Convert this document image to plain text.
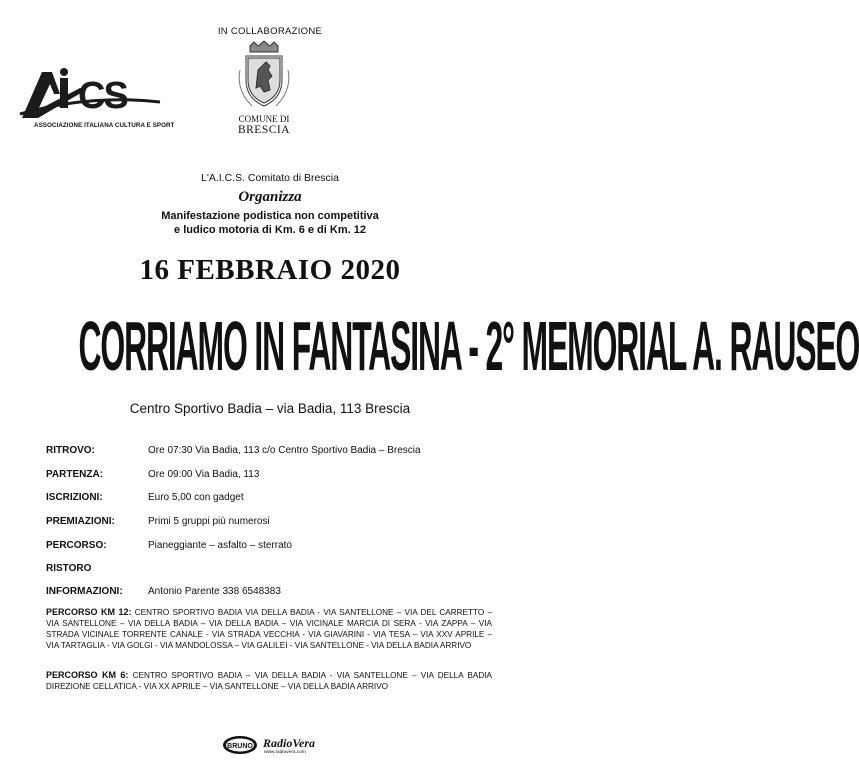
IN COLLABORAZIONE
CS
ASSOCIAZIONE ITALIANA CULTURA E SPORT
COMUNE DI
BRESCIA
L'A.I.C.S. Comitato di Brescia
Organizza
Manifestazione podistica non competitiva
e ludico motoria di Km. 6 e di Km. 12
16 FEBBRAIO 2020
CORRIAMO IN FANTASINA - 2° MEMORIAL A. RAUSEO
Centro Sportivo Badia – via Badia, 113 Brescia
RITROVO:	Ore 07:30 Via Badia, 113 c/o Centro Sportivo Badia – Brescia
PARTENZA:	Ore 09:00 Via Badia, 113
ISCRIZIONI:	Euro 5,00 con gadget
PREMIAZIONI:	Primi 5 gruppi più numerosi
PERCORSO:	Pianeggiante – asfalto – sterrato
RISTORO
INFORMAZIONI:	Antonio Parente 338 6548383
PERCORSO KM 12: CENTRO SPORTIVO BADIA VIA DELLA BADIA - VIA SANTELLONE – VIA DEL CARRETTO – VIA SANTELLONE – VIA DELLA BADIA – VIA DELLA BADIA – VIA VICINALE MARCIA DI SERA - VIA ZAPPA – VIA STRADA VICINALE TORRENTE CANALE - VIA STRADA VECCHIA - VIA GIAVARINI - VIA TESA – VIA XXV APRILE – VIA TARTAGLIA - VIA GOLGI - VIA MANDOLOSSA – VIA GALILEI - VIA SANTELLONE - VIA DELLA BADIA ARRIVO
PERCORSO KM 6: CENTRO SPORTIVO BADIA – VIA DELLA BADIA - VIA SANTELLONE – VIA DELLA BADIA DIREZIONE CELLATICA - VIA XX APRILE – VIA SANTELLONE – VIA DELLA BADIA ARRIVO
BRUNO RadioVera
www.radiovera.com
